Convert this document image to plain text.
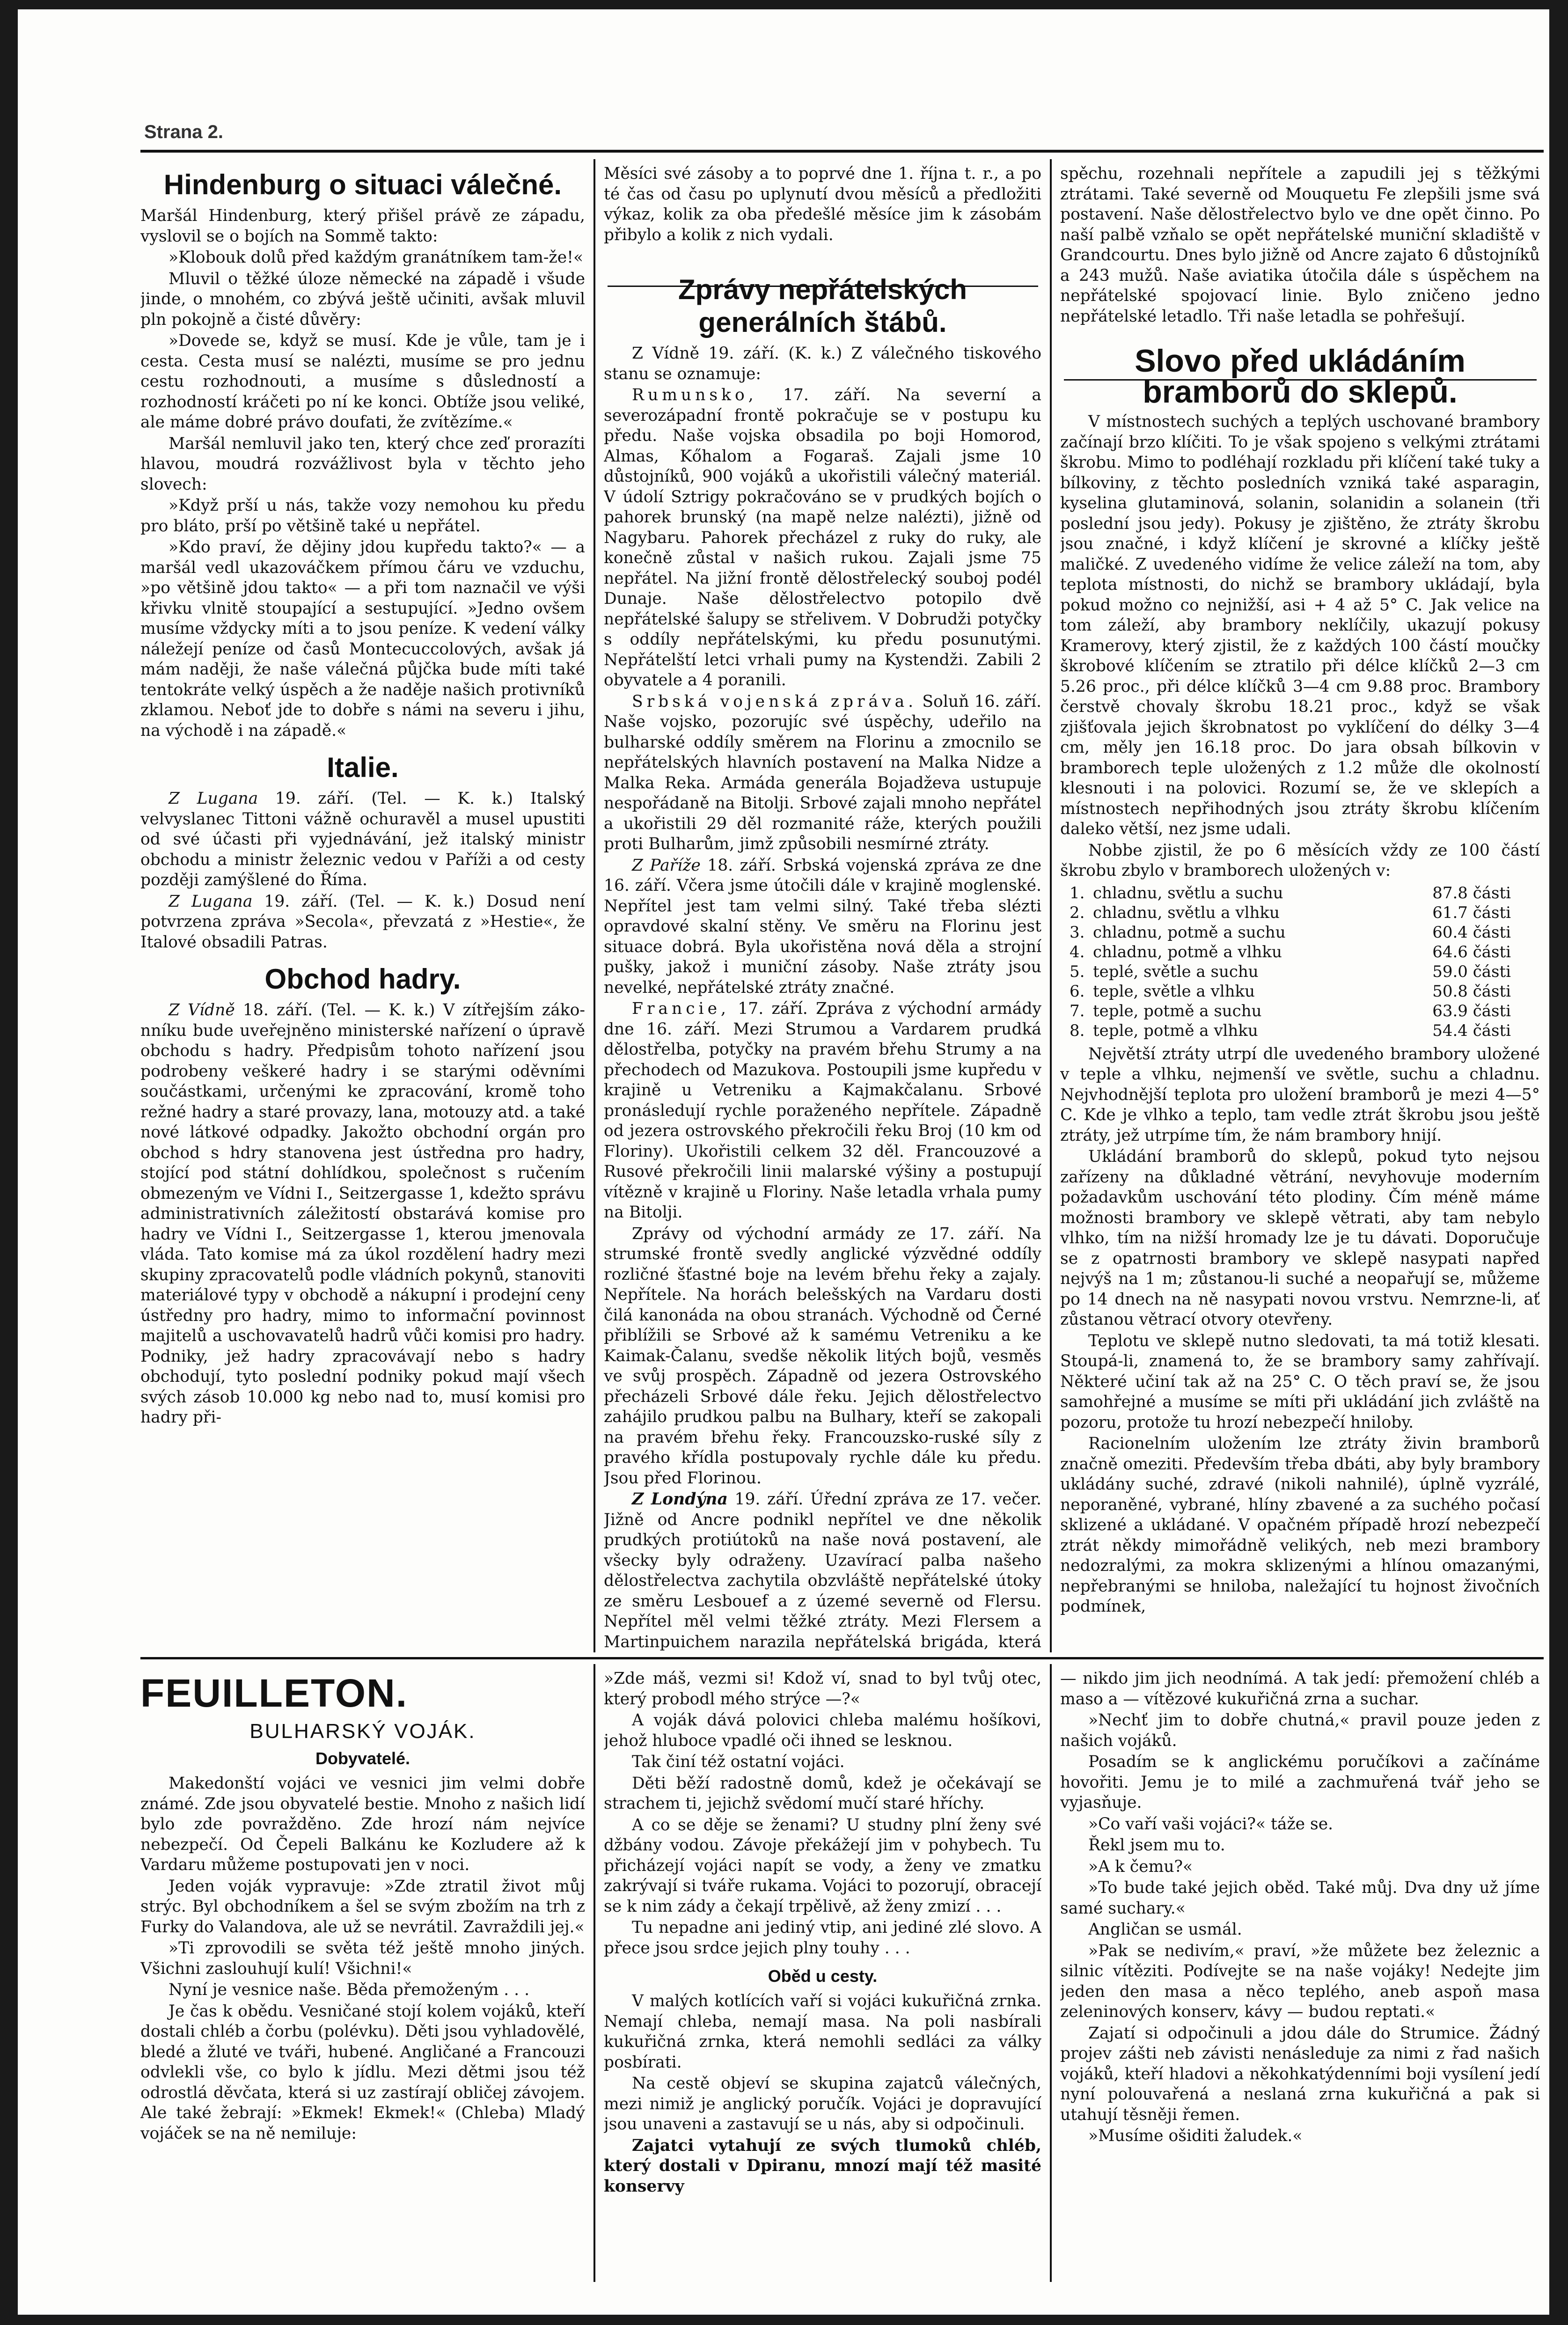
Strana 2.
Hindenburg o situaci válečné.

Maršál Hindenburg, který přišel právě ze západu, vyslovil se o bojích na Sommě takto:

»Klobouk dolů před každým granátníkem tam-že!«

Mluvil o těžké úloze německé na západě i všude jinde, o mnohém, co zbývá ještě učiniti, avšak mluvil pln pokojně a čisté důvěry:

»Dovede se, když se musí. Kde je vůle, tam je i cesta. Cesta musí se nalézti, musíme se pro jednu cestu rozhodnouti, a musíme s důsledností a rozhodností kráčeti po ní ke konci. Obtíže jsou veliké, ale máme dobré právo doufati, že zvítězíme.«

Maršál nemluvil jako ten, který chce zeď prorazíti hlavou, moudrá rozvážlivost byla v těchto jeho slovech:

»Když prší u nás, takže vozy nemohou ku předu pro bláto, prší po většině také u nepřátel.

»Kdo praví, že dějiny jdou kupředu takto?« — a maršál vedl ukazováčkem přímou čáru ve vzduchu, »po většině jdou takto« — a při tom naznačil ve výši křivku vlnitě stoupající a sestupující. »Jedno ovšem musíme vždycky míti a to jsou peníze. K vedení války náležejí peníze od časů Montecuccolových, avšak já mám naději, že naše válečná půjčka bude míti také tentokráte velký úspěch a že naděje našich protivníků zklamou. Neboť jde to dobře s námi na severu i jihu, na východě i na západě.«

Italie.

Z Lugana 19. září. (Tel. — K. k.) Italský velvyslanec Tittoni vážně ochuravěl a musel upustiti od své účasti při vyjednávání, jež italský ministr obchodu a ministr železnic vedou v Paříži a od cesty později zamýšlené do Říma.

Z Lugana 19. září. (Tel. — K. k.) Dosud není potvrzena zpráva »Secola«, převzatá z »Hestie«, že Italové obsadili Patras.

Obchod hadry.

Z Vídně 18. září. (Tel. — K. k.) V zítřejším zákonníku bude uveřejněno ministerské nařízení o úpravě obchodu s hadry. Předpisům tohoto nařízení jsou podrobeny veškeré hadry i se starými oděvními součástkami, určenými ke zpracování, kromě toho režné hadry a staré provazy, lana, motouzy atd. a také nové látkové odpadky. Jakožto obchodní orgán pro obchod s hdry stanovena jest ústředna pro hadry, stojící pod státní dohlídkou, společnost s ručením obmezeným ve Vídni I., Seitzergasse 1, kdežto správu administrativních záležitostí obstarává komise pro hadry ve Vídni I., Seitzergasse 1, kterou jmenovala vláda. Tato komise má za úkol rozdělení hadry mezi skupiny zpracovatelů podle vládních pokynů, stanoviti materiálové typy v obchodě a nákupní i prodejní ceny ústředny pro hadry, mimo to informační povinnost majitelů a uschovavatelů hadrů vůči komisi pro hadry. Podniky, jež hadry zpracovávají nebo s hadry obchodují, tyto poslední podniky pokud mají všech svých zásob 10.000 kg nebo nad to, musí komisi pro hadry při-

Měsíci své zásoby a to poprvé dne 1. října t. r., a po té čas od času po uplynutí dvou měsíců a předložiti výkaz, kolik za oba předešlé měsíce jim k zásobám přibylo a kolik z nich vydali.

Zprávy nepřátelských generálních štábů.

Z Vídně 19. září. (K. k.) Z válečného tiskového stanu se oznamuje:

Rumunsko, 17. září. Na severní a severozápadní frontě pokračuje se v postupu ku předu. Naše vojska obsadila po boji Homorod, Almas, Kőhalom a Fogaraš. Zajali jsme 10 důstojníků, 900 vojáků a ukořistili válečný materiál. V údolí Sztrigy pokračováno se v prudkých bojích o pahorek brunský (na mapě nelze nalézti), jižně od Nagybaru. Pahorek přecházel z ruky do ruky, ale konečně zůstal v našich rukou. Zajali jsme 75 nepřátel. Na jižní frontě dělostřelecký souboj podél Dunaje. Naše dělostřelectvo potopilo dvě nepřátelské šalupy se střelivem. V Dobrudži potyčky s oddíly nepřátelskými, ku předu posunutými. Nepřátelští letci vrhali pumy na Kystendži. Zabili 2 obyvatele a 4 poranili.

Srbská vojenská zpráva. Soluň 16. září. Naše vojsko, pozorujíc své úspěchy, udeřilo na bulharské oddíly směrem na Florinu a zmocnilo se nepřátelských hlavních postavení na Malka Nidze a Malka Reka. Armáda generála Bojadževa ustupuje nespořádaně na Bitolji. Srbové zajali mnoho nepřátel a ukořistili 29 děl rozmanité ráže, kterých použili proti Bulharům, jimž způsobili nesmírné ztráty.

Z Paříže 18. září. Srbská vojenská zpráva ze dne 16. září. Včera jsme útočili dále v krajině moglenské. Nepřítel jest tam velmi silný. Také třeba slézti opravdové skalní stěny. Ve směru na Florinu jest situace dobrá. Byla ukořistěna nová děla a strojní pušky, jakož i muniční zásoby. Naše ztráty jsou nevelké, nepřátelské ztráty značné.

Francie, 17. září. Zpráva z východní armády dne 16. září. Mezi Strumou a Vardarem prudká dělostřelba, potyčky na pravém břehu Strumy a na přechodech od Mazukova. Postoupili jsme kupředu v krajině u Vetreniku a Kajmakčalanu. Srbové pronásledují rychle poraženého nepřítele. Západně od jezera ostrovského překročili řeku Broj (10 km od Floriny). Ukořistili celkem 32 děl. Francouzové a Rusové překročili linii malarské výšiny a postupují vítězně v krajině u Floriny. Naše letadla vrhala pumy na Bitolji.

Zprávy od východní armády ze 17. září. Na strumské frontě svedly anglické výzvědné oddíly rozličné šťastné boje na levém břehu řeky a zajaly. Nepřítele. Na horách belešských na Vardaru dosti čilá kanonáda na obou stranách. Východně od Černé přiblížili se Srbové až k samému Vetreniku a ke Kaimak-Čalanu, svedše několik litých bojů, vesměs ve svůj prospěch. Západně od jezera Ostrovského přecházeli Srbové dále řeku. Jejich dělostřelectvo zahájilo prudkou palbu na Bulhary, kteří se zakopali na pravém břehu řeky. Francouzsko-ruské síly z pravého křídla postupovaly rychle dále ku předu. Jsou před Florinou.

Z Londýna 19. září. Úřední zpráva ze 17. večer. Jižně od Ancre podnikl nepřítel ve dne několik prudkých protiútoků na naše nová postavení, ale všecky byly odraženy. Uzavírací palba našeho dělostřelectva zachytila obzvláště nepřátelské útoky ze směru Lesbouef a z územé severně od Flersu. Nepřítel měl velmi těžké ztráty. Mezi Flersem a Martinpuichem narazila nepřátelská brigáda, která

spěchu, rozehnali nepřítele a zapudili jej s těžkými ztrátami. Také severně od Mouquetu Fe zlepšili jsme svá postavení. Naše dělostřelectvo bylo ve dne opět činno. Po naší palbě vzňalo se opět nepřátelské muniční skladiště v Grandcourtu. Dnes bylo jižně od Ancre zajato 6 důstojníků a 243 mužů. Naše aviatika útočila dále s úspěchem na nepřátelské spojovací linie. Bylo zničeno jedno nepřátelské letadlo. Tři naše letadla se pohřešují.

Slovo před ukládáním bramborů do sklepů.

V místnostech suchých a teplých uschované brambory začínají brzo klíčiti. To je však spojeno s velkými ztrátami škrobu. Mimo to podléhají rozkladu při klíčení také tuky a bílkoviny, z těchto posledních vzniká také asparagin, kyselina glutaminová, solanin, solanidin a solanein (tři poslední jsou jedy). Pokusy je zjištěno, že ztráty škrobu jsou značné, i když klíčení je skrovné a klíčky ještě maličké. Z uvedeného vidíme že velice záleží na tom, aby teplota místnosti, do nichž se brambory ukládají, byla pokud možno co nejnižší, asi + 4 až 5° C. Jak velice na tom záleží, aby brambory neklíčily, ukazují pokusy Kramerovy, který zjistil, že z každých 100 částí moučky škrobové klíčením se ztratilo při délce klíčků 2—3 cm 5.26 proc., při délce klíčků 3—4 cm 9.88 proc. Brambory čerstvě chovaly škrobu 18.21 proc., když se však zjišťovala jejich škrobnatost po vyklíčení do délky 3—4 cm, měly jen 16.18 proc. Do jara obsah bílkovin v bramborech teple uložených z 1.2 může dle okolností klesnouti i na polovici. Rozumí se, že ve sklepích a místnostech nepřihodných jsou ztráty škrobu klíčením daleko větší, nez jsme udali.

Nobbe zjistil, že po 6 měsících vždy ze 100 částí škrobu zbylo v bramborech uložených v:

1.	chladnu, světlu a suchu	87.8 části
2.	chladnu, světlu a vlhku	61.7 části
3.	chladnu, potmě a suchu	60.4 části
4.	chladnu, potmě a vlhku	64.6 části
5.	teplé, světle a suchu	59.0 části
6.	teple, světle a vlhku	50.8 části
7.	teple, potmě a suchu	63.9 části
8.	teple, potmě a vlhku	54.4 části

Největší ztráty utrpí dle uvedeného brambory uložené v teple a vlhku, nejmenší ve světle, suchu a chladnu. Nejvhodnější teplota pro uložení bramborů je mezi 4—5° C. Kde je vlhko a teplo, tam vedle ztrát škrobu jsou ještě ztráty, jež utrpíme tím, že nám brambory hnijí.

Ukládání bramborů do sklepů, pokud tyto nejsou zařízeny na důkladné větrání, nevyhovuje moderním požadavkům uschování této plodiny. Čím méně máme možnosti brambory ve sklepě větrati, aby tam nebylo vlhko, tím na nižší hromady lze je tu dávati. Doporučuje se z opatrnosti brambory ve sklepě nasypati napřed nejvýš na 1 m; zůstanou-li suché a neopařují se, můžeme po 14 dnech na ně nasypati novou vrstvu. Nemrzne-li, ať zůstanou větrací otvory otevřeny.

Teplotu ve sklepě nutno sledovati, ta má totiž klesati. Stoupá-li, znamená to, že se brambory samy zahřívají. Některé učiní tak až na 25° C. O těch praví se, že jsou samohřejné a musíme se míti při ukládání jich zvláště na pozoru, protože tu hrozí nebezpečí hniloby.

Racionelním uložením lze ztráty živin bramborů značně omeziti. Především třeba dbáti, aby byly brambory ukládány suché, zdravé (nikoli nahnilé), úplně vyzrálé, neporaněné, vybrané, hlíny zbavené a za suchého počasí sklizené a ukládané. V opačném případě hrozí nebezpečí ztrát někdy mimořádně velikých, neb mezi brambory nedozralými, za mokra sklizenými a hlínou omazanými, nepřebranými se hniloba, naležající tu hojnost živočních podmínek,

FEUILLETON.
BULHARSKÝ VOJÁK.
Dobyvatelé.

Makedonští vojáci ve vesnici jim velmi dobře známé. Zde jsou obyvatelé bestie. Mnoho z našich lidí bylo zde povražděno. Zde hrozí nám nejvíce nebezpečí. Od Čepeli Balkánu ke Kozludere až k Vardaru můžeme postupovati jen v noci.

Jeden voják vypravuje: »Zde ztratil život můj strýc. Byl obchodníkem a šel se svým zbožím na trh z Furky do Valandova, ale už se nevrátil. Zavraždili jej.«

»Ti zprovodili se světa též ještě mnoho jiných. Všichni zaslouhují kulí! Všichni!«

Nyní je vesnice naše. Běda přemoženým . . .

Je čas k obědu. Vesničané stojí kolem vojáků, kteří dostali chléb a čorbu (polévku). Děti jsou vyhladovělé, bledé a žluté ve tváři, hubené. Angličané a Francouzi odvlekli vše, co bylo k jídlu. Mezi dětmi jsou též odrostlá děvčata, která si uz zastírají obličej závojem. Ale také žebrají: »Ekmek! Ekmek!« (Chleba) Mladý vojáček se na ně nemiluje:

»Zde máš, vezmi si! Kdož ví, snad to byl tvůj otec, který probodl mého strýce —?«

A voják dává polovici chleba malému hošíkovi, jehož hluboce vpadlé oči ihned se lesknou.

Tak činí též ostatní vojáci.

Děti běží radostně domů, kdež je očekávají se strachem ti, jejichž svědomí mučí staré hříchy.

A co se děje se ženami? U studny plní ženy své džbány vodou. Závoje překážejí jim v pohybech. Tu přicházejí vojáci napít se vody, a ženy ve zmatku zakrývají si tváře rukama. Vojáci to pozorují, obracejí se k nim zády a čekají trpělivě, až ženy zmizí . . .

Tu nepadne ani jediný vtip, ani jediné zlé slovo. A přece jsou srdce jejich plny touhy . . .

Oběd u cesty.

V malých kotlících vaří si vojáci kukuřičná zrnka. Nemají chleba, nemají masa. Na poli nasbírali kukuřičná zrnka, která nemohli sedláci za války posbírati.

Na cestě objeví se skupina zajatců válečných, mezi nimiž je anglický poručík. Vojáci je dopravující jsou unaveni a zastavují se u nás, aby si odpočinuli.

Zajatci vytahují ze svých tlumoků chléb, který dostali v Dpiranu, mnozí mají též masité konservy

— nikdo jim jich neodnímá. A tak jedí: přemožení chléb a maso a — vítězové kukuřičná zrna a suchar.

»Nechť jim to dobře chutná,« pravil pouze jeden z našich vojáků.

Posadím se k anglickému poručíkovi a začínáme hovořiti. Jemu je to milé a zachmuřená tvář jeho se vyjasňuje.

»Co vaří vaši vojáci?« táže se.

Řekl jsem mu to.

»A k čemu?«

»To bude také jejich oběd. Také můj. Dva dny už jíme samé suchary.«

Angličan se usmál.

»Pak se nedivím,« praví, »že můžete bez železnic a silnic vítěziti. Podívejte se na naše vojáky! Nedejte jim jeden den masa a něco teplého, aneb aspoň masa zeleninových konserv, kávy — budou reptati.«

Zajatí si odpočinuli a jdou dále do Strumice. Žádný projev zášti neb závisti nenásleduje za nimi z řad našich vojáků, kteří hladovi a někohkatýdenními boji vysílení jedí nyní polouvařená a neslaná zrna kukuřičná a pak si utahují těsněji řemen.

»Musíme ošiditi žaludek.«
